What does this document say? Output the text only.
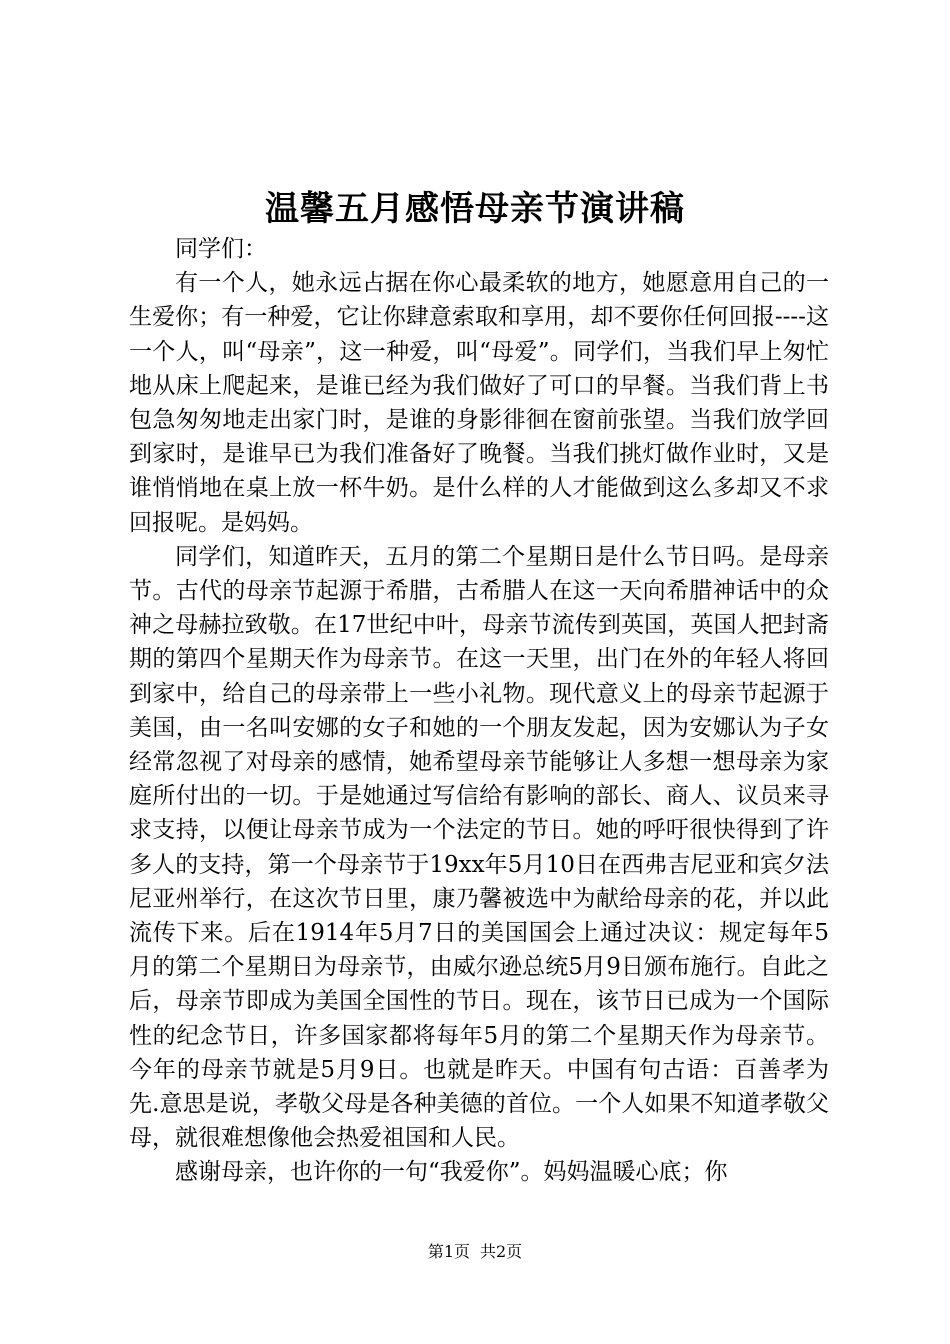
温馨五月感悟母亲节演讲稿

同学们：

有一个人，她永远占据在你心最柔软的地方，她愿意用自己的一生爱你；有一种爱，它让你肆意索取和享用，却不要你任何回报----这一个人，叫“母亲”，这一种爱，叫“母爱”。同学们，当我们早上匆忙地从床上爬起来，是谁已经为我们做好了可口的早餐。当我们背上书包急匆匆地走出家门时，是谁的身影徘徊在窗前张望。当我们放学回到家时，是谁早已为我们准备好了晚餐。当我们挑灯做作业时，又是谁悄悄地在桌上放一杯牛奶。是什么样的人才能做到这么多却又不求回报呢。是妈妈。

同学们，知道昨天，五月的第二个星期日是什么节日吗。是母亲节。古代的母亲节起源于希腊，古希腊人在这一天向希腊神话中的众神之母赫拉致敬。在17世纪中叶，母亲节流传到英国，英国人把封斋期的第四个星期天作为母亲节。在这一天里，出门在外的年轻人将回到家中，给自己的母亲带上一些小礼物。现代意义上的母亲节起源于美国，由一名叫安娜的女子和她的一个朋友发起，因为安娜认为子女经常忽视了对母亲的感情，她希望母亲节能够让人多想一想母亲为家庭所付出的一切。于是她通过写信给有影响的部长、商人、议员来寻求支持，以便让母亲节成为一个法定的节日。她的呼吁很快得到了许多人的支持，第一个母亲节于19xx年5月10日在西弗吉尼亚和宾夕法尼亚州举行，在这次节日里，康乃馨被选中为献给母亲的花，并以此流传下来。后在1914年5月7日的美国国会上通过决议：规定每年5月的第二个星期日为母亲节，由威尔逊总统5月9日颁布施行。自此之后，母亲节即成为美国全国性的节日。现在，该节日已成为一个国际性的纪念节日，许多国家都将每年5月的第二个星期天作为母亲节。今年的母亲节就是5月9日。也就是昨天。中国有句古语：百善孝为先.意思是说，孝敬父母是各种美德的首位。一个人如果不知道孝敬父母，就很难想像他会热爱祖国和人民。

感谢母亲，也许你的一句“我爱你”。妈妈温暖心底；你

第1页 共2页
